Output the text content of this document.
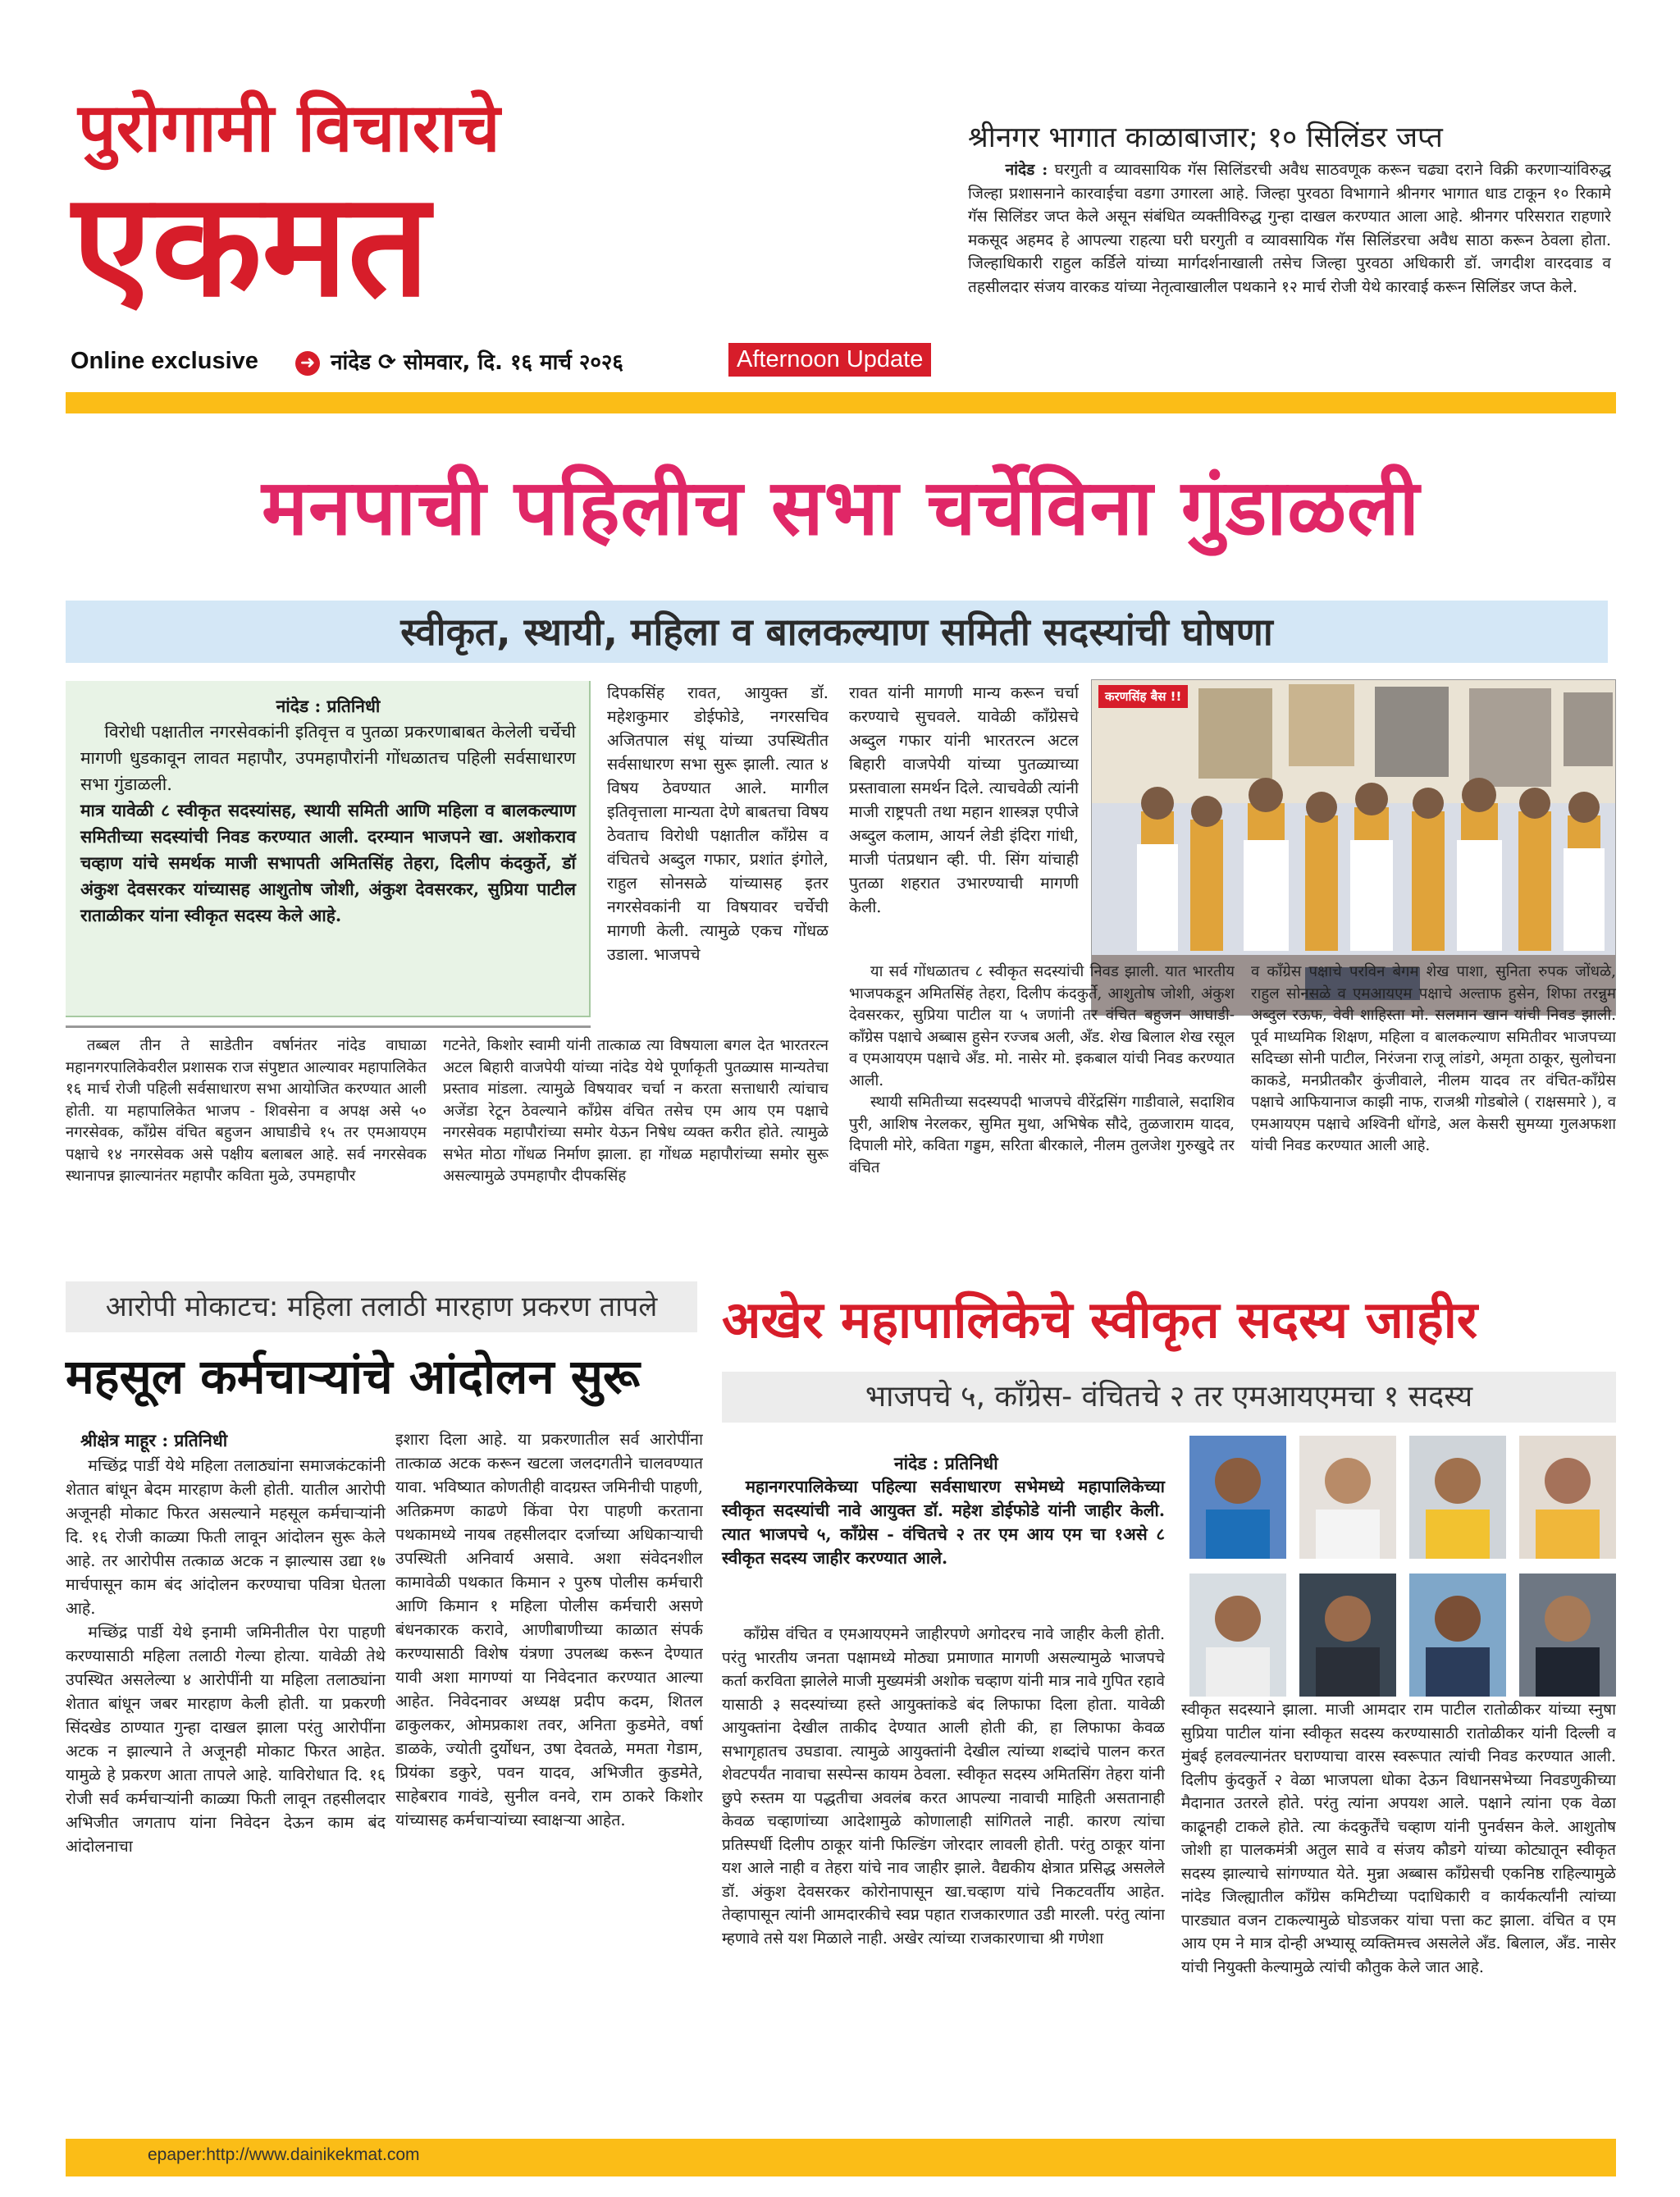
पुरोगामी विचाराचे
एकमत
Online exclusive ➜ नांदेड ⟳ सोमवार, दि. १६ मार्च २०२६	Afternoon Update
श्रीनगर भागात काळाबाजार; १० सिलिंडर जप्त

नांदेड : घरगुती व व्यावसायिक गॅस सिलिंडरची अवैध साठवणूक करून चढ्या दराने विक्री करणाऱ्यांविरुद्ध जिल्हा प्रशासनाने कारवाईचा वडगा उगारला आहे. जिल्हा पुरवठा विभागाने श्रीनगर भागात धाड टाकून १० रिकामे गॅस सिलिंडर जप्त केले असून संबंधित व्यक्तीविरुद्ध गुन्हा दाखल करण्यात आला आहे. श्रीनगर परिसरात राहणारे मकसूद अहमद हे आपल्या राहत्या घरी घरगुती व व्यावसायिक गॅस सिलिंडरचा अवैध साठा करून ठेवला होता. जिल्हाधिकारी राहुल कर्डिले यांच्या मार्गदर्शनाखाली तसेच जिल्हा पुरवठा अधिकारी डॉ. जगदीश वारदवाड व तहसीलदार संजय वारकड यांच्या नेतृत्वाखालील पथकाने १२ मार्च रोजी येथे कारवाई करून सिलिंडर जप्त केले.

मनपाची पहिलीच सभा चर्चेविना गुंडाळली
स्वीकृत, स्थायी, महिला व बालकल्याण समिती सदस्यांची घोषणा
नांदेड : प्रतिनिधी
विरोधी पक्षातील नगरसेवकांनी इतिवृत्त व पुतळा प्रकरणाबाबत केलेली चर्चेची मागणी धुडकावून लावत महापौर, उपमहापौरांनी गोंधळातच पहिली सर्वसाधारण सभा गुंडाळली.
मात्र यावेळी ८ स्वीकृत सदस्यांसह, स्थायी समिती आणि महिला व बालकल्याण समितीच्या सदस्यांची निवड करण्यात आली. दरम्यान भाजपने खा. अशोकराव चव्हाण यांचे समर्थक माजी सभापती अमितसिंह तेहरा, दिलीप कंदकुर्ते, डॉ अंकुश देवसरकर यांच्यासह आशुतोष जोशी, अंकुश देवसरकर, सुप्रिया पाटील राताळीकर यांना स्वीकृत सदस्य केले आहे.

दिपकसिंह रावत, आयुक्त डॉ. महेशकुमार डोईफोडे, नगरसचिव अजितपाल संधू यांच्या उपस्थितीत सर्वसाधारण सभा सुरू झाली. त्यात ४ विषय ठेवण्यात आले. मागील इतिवृत्ताला मान्यता देणे बाबतचा विषय ठेवताच विरोधी पक्षातील काँग्रेस व वंचितचे अब्दुल गफार, प्रशांत इंगोले, राहुल सोनसळे यांच्यासह इतर नगरसेवकांनी या विषयावर चर्चेची मागणी केली. त्यामुळे एकच गोंधळ उडाला. भाजपचे

रावत यांनी मागणी मान्य करून चर्चा करण्याचे सुचवले. यावेळी काँग्रेसचे अब्दुल गफार यांनी भारतरत्न अटल बिहारी वाजपेयी यांच्या पुतळ्याच्या प्रस्तावाला समर्थन दिले. त्याचवेळी त्यांनी माजी राष्ट्रपती तथा महान शास्त्रज्ञ एपीजे अब्दुल कलाम, आयर्न लेडी इंदिरा गांधी, माजी पंतप्रधान व्ही. पी. सिंग यांचाही पुतळा शहरात उभारण्याची मागणी केली.

करणसिंह बैस !!

तब्बल तीन ते साडेतीन वर्षानंतर नांदेड वाघाळा महानगरपालिकेवरील प्रशासक राज संपुष्टात आल्यावर महापालिकेत १६ मार्च रोजी पहिली सर्वसाधारण सभा आयोजित करण्यात आली होती. या महापालिकेत भाजप - शिवसेना व अपक्ष असे ५० नगरसेवक, काँग्रेस वंचित बहुजन आघाडीचे १५ तर एमआयएम पक्षाचे १४ नगरसेवक असे पक्षीय बलाबल आहे. सर्व नगरसेवक स्थानापन्न झाल्यानंतर महापौर कविता मुळे, उपमहापौर

गटनेते, किशोर स्वामी यांनी तात्काळ त्या विषयाला बगल देत भारतरत्न अटल बिहारी वाजपेयी यांच्या नांदेड येथे पूर्णाकृती पुतळ्यास मान्यतेचा प्रस्ताव मांडला. त्यामुळे विषयावर चर्चा न करता सत्ताधारी त्यांचाच अजेंडा रेटून ठेवल्याने काँग्रेस वंचित तसेच एम आय एम पक्षाचे नगरसेवक महापौरांच्या समोर येऊन निषेध व्यक्त करीत होते. त्यामुळे सभेत मोठा गोंधळ निर्माण झाला. हा गोंधळ महापौरांच्या समोर सुरू असल्यामुळे उपमहापौर दीपकसिंह

या सर्व गोंधळातच ८ स्वीकृत सदस्यांची निवड झाली. यात भारतीय भाजपकडून अमितसिंह तेहरा, दिलीप कंदकुर्ते, आशुतोष जोशी, अंकुश देवसरकर, सुप्रिया पाटील या ५ जणांनी तर वंचित बहुजन आघाडी-काँग्रेस पक्षाचे अब्बास हुसेन रज्जब अली, अँड. शेख बिलाल शेख रसूल व एमआयएम पक्षाचे अँड. मो. नासेर मो. इकबाल यांची निवड करण्यात आली.

स्थायी समितीच्या सदस्यपदी भाजपचे वीरेंद्रसिंग गाडीवाले, सदाशिव पुरी, आशिष नेरलकर, सुमित मुथा, अभिषेक सौदे, तुळजाराम यादव, दिपाली मोरे, कविता गड्डम, सरिता बीरकाले, नीलम तुलजेश गुरुखुदे तर वंचित

व काँग्रेस पक्षाचे परविन बेगम शेख पाशा, सुनिता रुपक जोंधळे, राहुल सोनसळे व एमआयएम पक्षाचे अल्ताफ हुसेन, शिफा तरन्नुम अब्दुल रऊफ, वेवी शाहिस्ता मो. सलमान खान यांची निवड झाली. पूर्व माध्यमिक शिक्षण, महिला व बालकल्याण समितीवर भाजपच्या सदिच्छा सोनी पाटील, निरंजना राजू लांडगे, अमृता ठाकूर, सुलोचना काकडे, मनप्रीतकौर कुंजीवाले, नीलम यादव तर वंचित-काँग्रेस पक्षाचे आफियानाज काझी नाफ, राजश्री गोडबोले ( राक्षसमारे ), व एमआयएम पक्षाचे अश्विनी धोंगडे, अल केसरी सुमय्या गुलअफशा यांची निवड करण्यात आली आहे.

आरोपी मोकाटच: महिला तलाठी मारहाण प्रकरण तापले
महसूल कर्मचाऱ्यांचे आंदोलन सुरू
श्रीक्षेत्र माहूर : प्रतिनिधी

मच्छिंद्र पार्डी येथे महिला तलाठ्यांना समाजकंटकांनी शेतात बांधून बेदम मारहाण केली होती. यातील आरोपी अजूनही मोकाट फिरत असल्याने महसूल कर्मचाऱ्यांनी दि. १६ रोजी काळ्या फिती लावून आंदोलन सुरू केले आहे. तर आरोपीस तत्काळ अटक न झाल्यास उद्या १७ मार्चपासून काम बंद आंदोलन करण्याचा पवित्रा घेतला आहे.

मच्छिंद्र पार्डी येथे इनामी जमिनीतील पेरा पाहणी करण्यासाठी महिला तलाठी गेल्या होत्या. यावेळी तेथे उपस्थित असलेल्या ४ आरोपींनी या महिला तलाठ्यांना शेतात बांधून जबर मारहाण केली होती. या प्रकरणी सिंदखेड ठाण्यात गुन्हा दाखल झाला परंतु आरोपींना अटक न झाल्याने ते अजूनही मोकाट फिरत आहेत. यामुळे हे प्रकरण आता तापले आहे. याविरोधात दि. १६ रोजी सर्व कर्मचाऱ्यांनी काळ्या फिती लावून तहसीलदार अभिजीत जगताप यांना निवेदन देऊन काम बंद आंदोलनाचा

इशारा दिला आहे. या प्रकरणातील सर्व आरोपींना तात्काळ अटक करून खटला जलदगतीने चालवण्यात यावा. भविष्यात कोणतीही वादग्रस्त जमिनीची पाहणी, अतिक्रमण काढणे किंवा पेरा पाहणी करताना पथकामध्ये नायब तहसीलदार दर्जाच्या अधिकाऱ्याची उपस्थिती अनिवार्य असावे. अशा संवेदनशील कामावेळी पथकात किमान २ पुरुष पोलीस कर्मचारी आणि किमान १ महिला पोलीस कर्मचारी असणे बंधनकारक करावे, आणीबाणीच्या काळात संपर्क करण्यासाठी विशेष यंत्रणा उपलब्ध करून देण्यात यावी अशा मागण्यां या निवेदनात करण्यात आल्या आहेत. निवेदनावर अध्यक्ष प्रदीप कदम, शितल ढाकुलकर, ओमप्रकाश तवर, अनिता कुडमेते, वर्षा डाळके, ज्योती दुर्योधन, उषा देवतळे, ममता गेडाम, प्रियंका डकुरे, पवन यादव, अभिजीत कुडमेते, साहेबराव गावंडे, सुनील वनवे, राम ठाकरे किशोर यांच्यासह कर्मचाऱ्यांच्या स्वाक्षऱ्या आहेत.

अखेर महापालिकेचे स्वीकृत सदस्य जाहीर
भाजपचे ५, काँग्रेस- वंचितचे २ तर एमआयएमचा १ सदस्य
नांदेड : प्रतिनिधी
महानगरपालिकेच्या पहिल्या सर्वसाधारण सभेमध्ये महापालिकेच्या स्वीकृत सदस्यांची नावे आयुक्त डॉ. महेश डोईफोडे यांनी जाहीर केली. त्यात भाजपचे ५, काँग्रेस - वंचितचे २ तर एम आय एम चा १असे ८ स्वीकृत सदस्य जाहीर करण्यात आले.

काँग्रेस वंचित व एमआयएमने जाहीरपणे अगोदरच नावे जाहीर केली होती. परंतु भारतीय जनता पक्षामध्ये मोठ्या प्रमाणात मागणी असल्यामुळे भाजपचे कर्ता करविता झालेले माजी मुख्यमंत्री अशोक चव्हाण यांनी मात्र नावे गुपित रहावे यासाठी ३ सदस्यांच्या हस्ते आयुक्तांकडे बंद लिफाफा दिला होता. यावेळी आयुक्तांना देखील ताकीद देण्यात आली होती की, हा लिफाफा केवळ सभागृहातच उघडावा. त्यामुळे आयुक्तांनी देखील त्यांच्या शब्दांचे पालन करत शेवटपर्यंत नावाचा सस्पेन्स कायम ठेवला. स्वीकृत सदस्य अमितसिंग तेहरा यांनी छुपे रुस्तम या पद्धतीचा अवलंब करत आपल्या नावाची माहिती असतानाही केवळ चव्हाणांच्या आदेशामुळे कोणालाही सांगितले नाही. कारण त्यांचा प्रतिस्पर्धी दिलीप ठाकूर यांनी फिल्डिंग जोरदार लावली होती. परंतु ठाकूर यांना यश आले नाही व तेहरा यांचे नाव जाहीर झाले. वैद्यकीय क्षेत्रात प्रसिद्ध असलेले डॉ. अंकुश देवसरकर कोरोनापासून खा.चव्हाण यांचे निकटवर्तीय आहेत. तेव्हापासून त्यांनी आमदारकीचे स्वप्न पहात राजकारणात उडी मारली. परंतु त्यांना म्हणावे तसे यश मिळाले नाही. अखेर त्यांच्या राजकारणाचा श्री गणेशा

स्वीकृत सदस्याने झाला. माजी आमदार राम पाटील रातोळीकर यांच्या स्नुषा सुप्रिया पाटील यांना स्वीकृत सदस्य करण्यासाठी रातोळीकर यांनी दिल्ली व मुंबई हलवल्यानंतर घराण्याचा वारस स्वरूपात त्यांची निवड करण्यात आली. दिलीप कुंदकुर्ते २ वेळा भाजपला धोका देऊन विधानसभेच्या निवडणुकीच्या मैदानात उतरले होते. परंतु त्यांना अपयश आले. पक्षाने त्यांना एक वेळा काढूनही टाकले होते. त्या कंदकुर्तेंचे चव्हाण यांनी पुनर्वसन केले. आशुतोष जोशी हा पालकमंत्री अतुल सावे व संजय कौडगे यांच्या कोट्यातून स्वीकृत सदस्य झाल्याचे सांगण्यात येते. मुन्ना अब्बास काँग्रेसची एकनिष्ठ राहिल्यामुळे नांदेड जिल्ह्यातील काँग्रेस कमिटीच्या पदाधिकारी व कार्यकर्त्यांनी त्यांच्या पारड्यात वजन टाकल्यामुळे घोडजकर यांचा पत्ता कट झाला. वंचित व एम आय एम ने मात्र दोन्ही अभ्यासू व्यक्तिमत्त्व असलेले अँड. बिलाल, अँड. नासेर यांची नियुक्ती केल्यामुळे त्यांची कौतुक केले जात आहे.

epaper:http://www.dainikekmat.com
